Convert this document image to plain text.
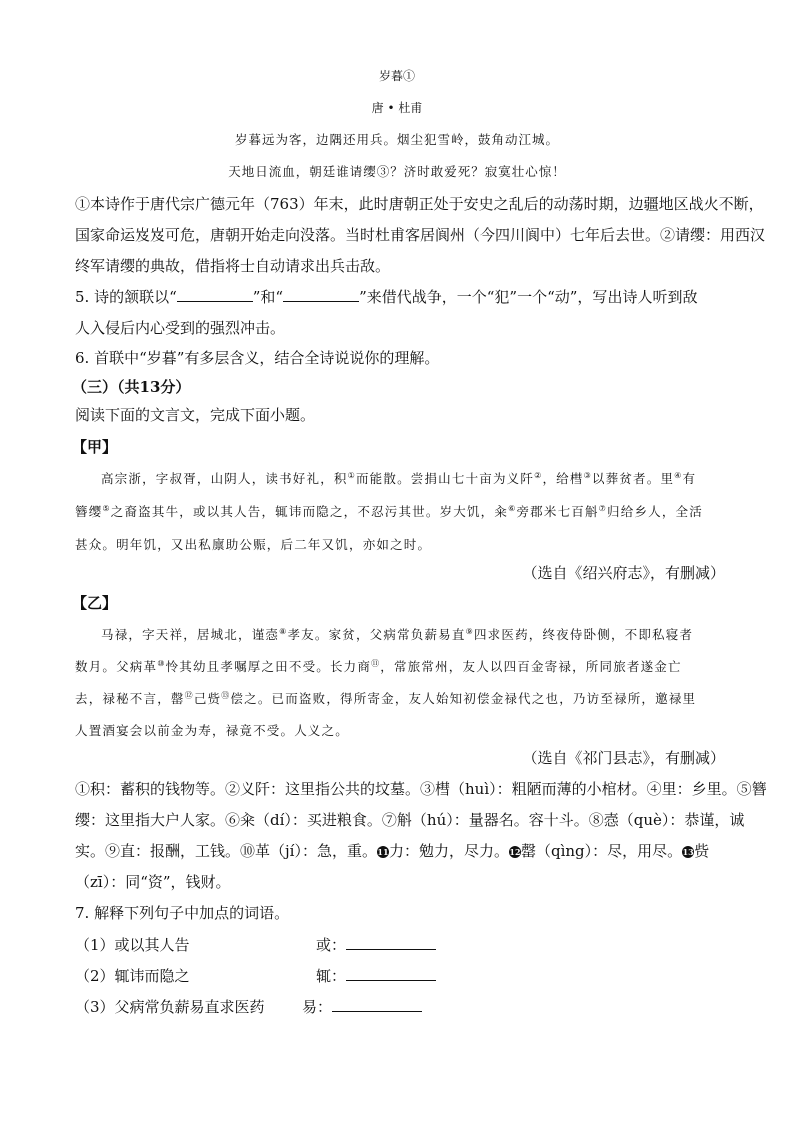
岁暮①
唐 • 杜甫
岁暮远为客，边隅还用兵。烟尘犯雪岭，鼓角动江城。
天地日流血，朝廷谁请缨③？济时敢爱死？寂寞壮心惊！
①本诗作于唐代宗广德元年（763）年末，此时唐朝正处于安史之乱后的动荡时期，边疆地区战火不断，
国家命运岌岌可危，唐朝开始走向没落。当时杜甫客居阆州（今四川阆中）七年后去世。②请缨：用西汉
终军请缨的典故，借指将士自动请求出兵击敌。
5. 诗的颔联以“	”和“	”来借代战争，一个“犯”一个“动”，写出诗人听到敌
人入侵后内心受到的强烈冲击。
6. 首联中“岁暮”有多层含义，结合全诗说说你的理解。
（三）（共13分）
阅读下面的文言文，完成下面小题。
【甲】
高宗浙，字叔胥，山阴人，读书好礼，积①而能散。尝捐山七十亩为义阡②，给槥③以葬贫者。里④有
簪缨⑤之裔盗其牛，或以其人告，辄讳而隐之，不忍污其世。岁大饥，籴⑥旁郡米七百斛⑦归给乡人，全活
甚众。明年饥，又出私廪助公赈，后二年又饥，亦如之时。
（选自《绍兴府志》，有删减）
【乙】
马禄，字天祥，居城北，谨悫⑧孝友。家贫，父病常负薪易直⑨四求医药，终夜侍卧侧，不即私寝者
数月。父病革⑩怜其幼且孝嘱厚之田不受。长力商⑪，常旅常州，友人以四百金寄禄，所同旅者遂金亡
去，禄秘不言，罄⑫己赀⑬偿之。已而盗败，得所寄金，友人始知初偿金禄代之也，乃访至禄所，邀禄里
人置酒宴会以前金为寿，禄竟不受。人义之。
（选自《祁门县志》，有删减）
①积：蓄积的钱物等。②义阡：这里指公共的坟墓。③槥（huì）：粗陋而薄的小棺材。④里：乡里。⑤簪
缨：这里指大户人家。⑥籴（dí）：买进粮食。⑦斛（hú）：量器名。容十斗。⑧悫（què）：恭谨，诚
实。⑨直：报酬，工钱。⑩革（jí）：急，重。11力：勉力，尽力。12罄（qìng）：尽，用尽。13赀
（zī）：同“资”，钱财。
7. 解释下列句子中加点的词语。
（1）或以其人告	或：
（2）辄讳而隐之	辄：
（3）父病常负薪易直求医药 易：
